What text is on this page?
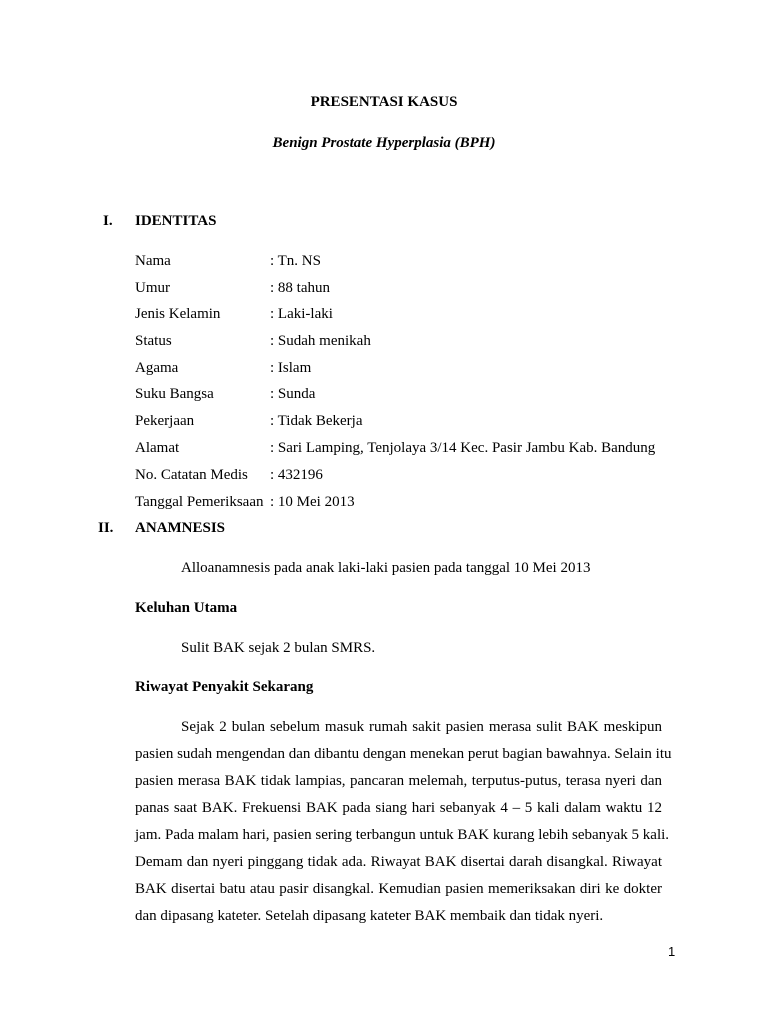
PRESENTASI KASUS
Benign Prostate Hyperplasia (BPH)
I. IDENTITAS
Nama	: Tn. NS
Umur	: 88 tahun
Jenis Kelamin	: Laki-laki
Status	: Sudah menikah
Agama	: Islam
Suku Bangsa	: Sunda
Pekerjaan	: Tidak Bekerja
Alamat	: Sari Lamping, Tenjolaya 3/14 Kec. Pasir Jambu Kab. Bandung
No. Catatan Medis : 432196
Tanggal Pemeriksaan : 10 Mei 2013
II. ANAMNESIS
Alloanamnesis pada anak laki-laki pasien pada tanggal 10 Mei 2013
Keluhan Utama
Sulit BAK sejak 2 bulan SMRS.
Riwayat Penyakit Sekarang
Sejak 2 bulan sebelum masuk rumah sakit pasien merasa sulit BAK meskipun
pasien sudah mengendan dan dibantu dengan menekan perut bagian bawahnya. Selain itu
pasien merasa BAK tidak lampias, pancaran melemah, terputus-putus, terasa nyeri dan
panas saat BAK. Frekuensi BAK pada siang hari sebanyak 4 – 5 kali dalam waktu 12
jam. Pada malam hari, pasien sering terbangun untuk BAK kurang lebih sebanyak 5 kali.
Demam dan nyeri pinggang tidak ada. Riwayat BAK disertai darah disangkal. Riwayat
BAK disertai batu atau pasir disangkal. Kemudian pasien memeriksakan diri ke dokter
dan dipasang kateter. Setelah dipasang kateter BAK membaik dan tidak nyeri.
1
